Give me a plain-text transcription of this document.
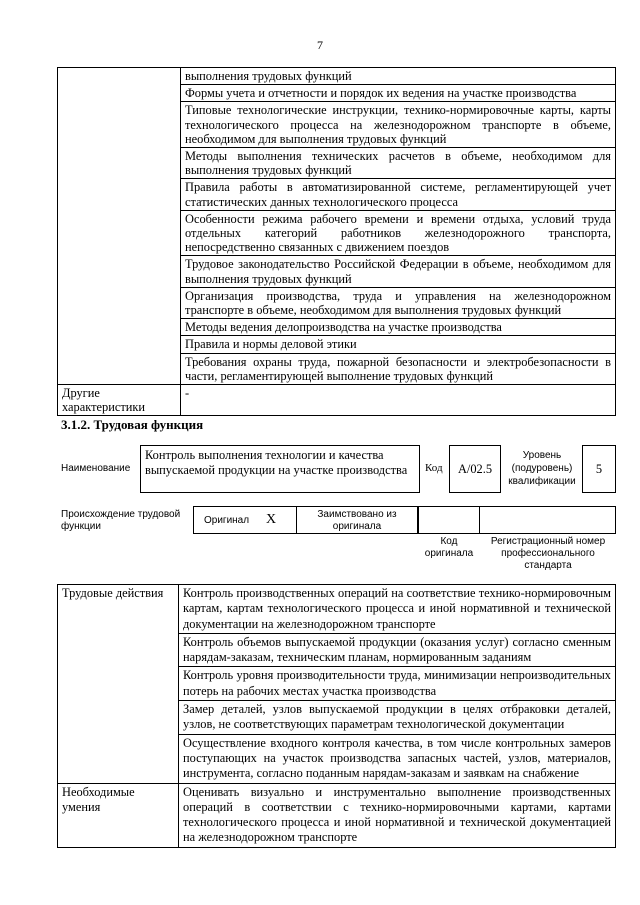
7
	выполнения трудовых функций
	Формы учета и отчетности и порядок их ведения на участке производства
	Типовые технологические инструкции, технико-нормировочные карты, карты технологического процесса на железнодорожном транспорте в объеме, необходимом для выполнения трудовых функций
	Методы выполнения технических расчетов в объеме, необходимом для выполнения трудовых функций
	Правила работы в автоматизированной системе, регламентирующей учет статистических данных технологического процесса
	Особенности режима рабочего времени и времени отдыха, условий труда отдельных категорий работников железнодорожного транспорта, непосредственно связанных с движением поездов
	Трудовое законодательство Российской Федерации в объеме, необходимом для выполнения трудовых функций
	Организация производства, труда и управления на железнодорожном транспорте в объеме, необходимом для выполнения трудовых функций
	Методы ведения делопроизводства на участке производства
	Правила и нормы деловой этики
	Требования охраны труда, пожарной безопасности и электробезопасности в части, регламентирующей выполнение трудовых функций
Другие характеристики	-
3.1.2. Трудовая функция
Наименование
Контроль выполнения технологии и качества выпускаемой продукции на участке производства	Код	A/02.5
Уровень (подуровень) квалификации
5
Происхождение трудовой функции
Оригинал X	Заимствовано из оригинала
Код оригинала
Регистрационный номер профессионального стандарта
Трудовые действия	Контроль производственных операций на соответствие технико-нормировочным картам, картам технологического процесса и иной нормативной и технической документации на железнодорожном транспорте
	Контроль объемов выпускаемой продукции (оказания услуг) согласно сменным нарядам-заказам, техническим планам, нормированным заданиям
	Контроль уровня производительности труда, минимизации непроизводительных потерь на рабочих местах участка производства
	Замер деталей, узлов выпускаемой продукции в целях отбраковки деталей, узлов, не соответствующих параметрам технологической документации
	Осуществление входного контроля качества, в том числе контрольных замеров поступающих на участок производства запасных частей, узлов, материалов, инструмента, согласно поданным нарядам-заказам и заявкам на снабжение
Необходимые умения	Оценивать визуально и инструментально выполнение производственных операций в соответствии с технико-нормировочными картами, картами технологического процесса и иной нормативной и технической документацией на железнодорожном транспорте
